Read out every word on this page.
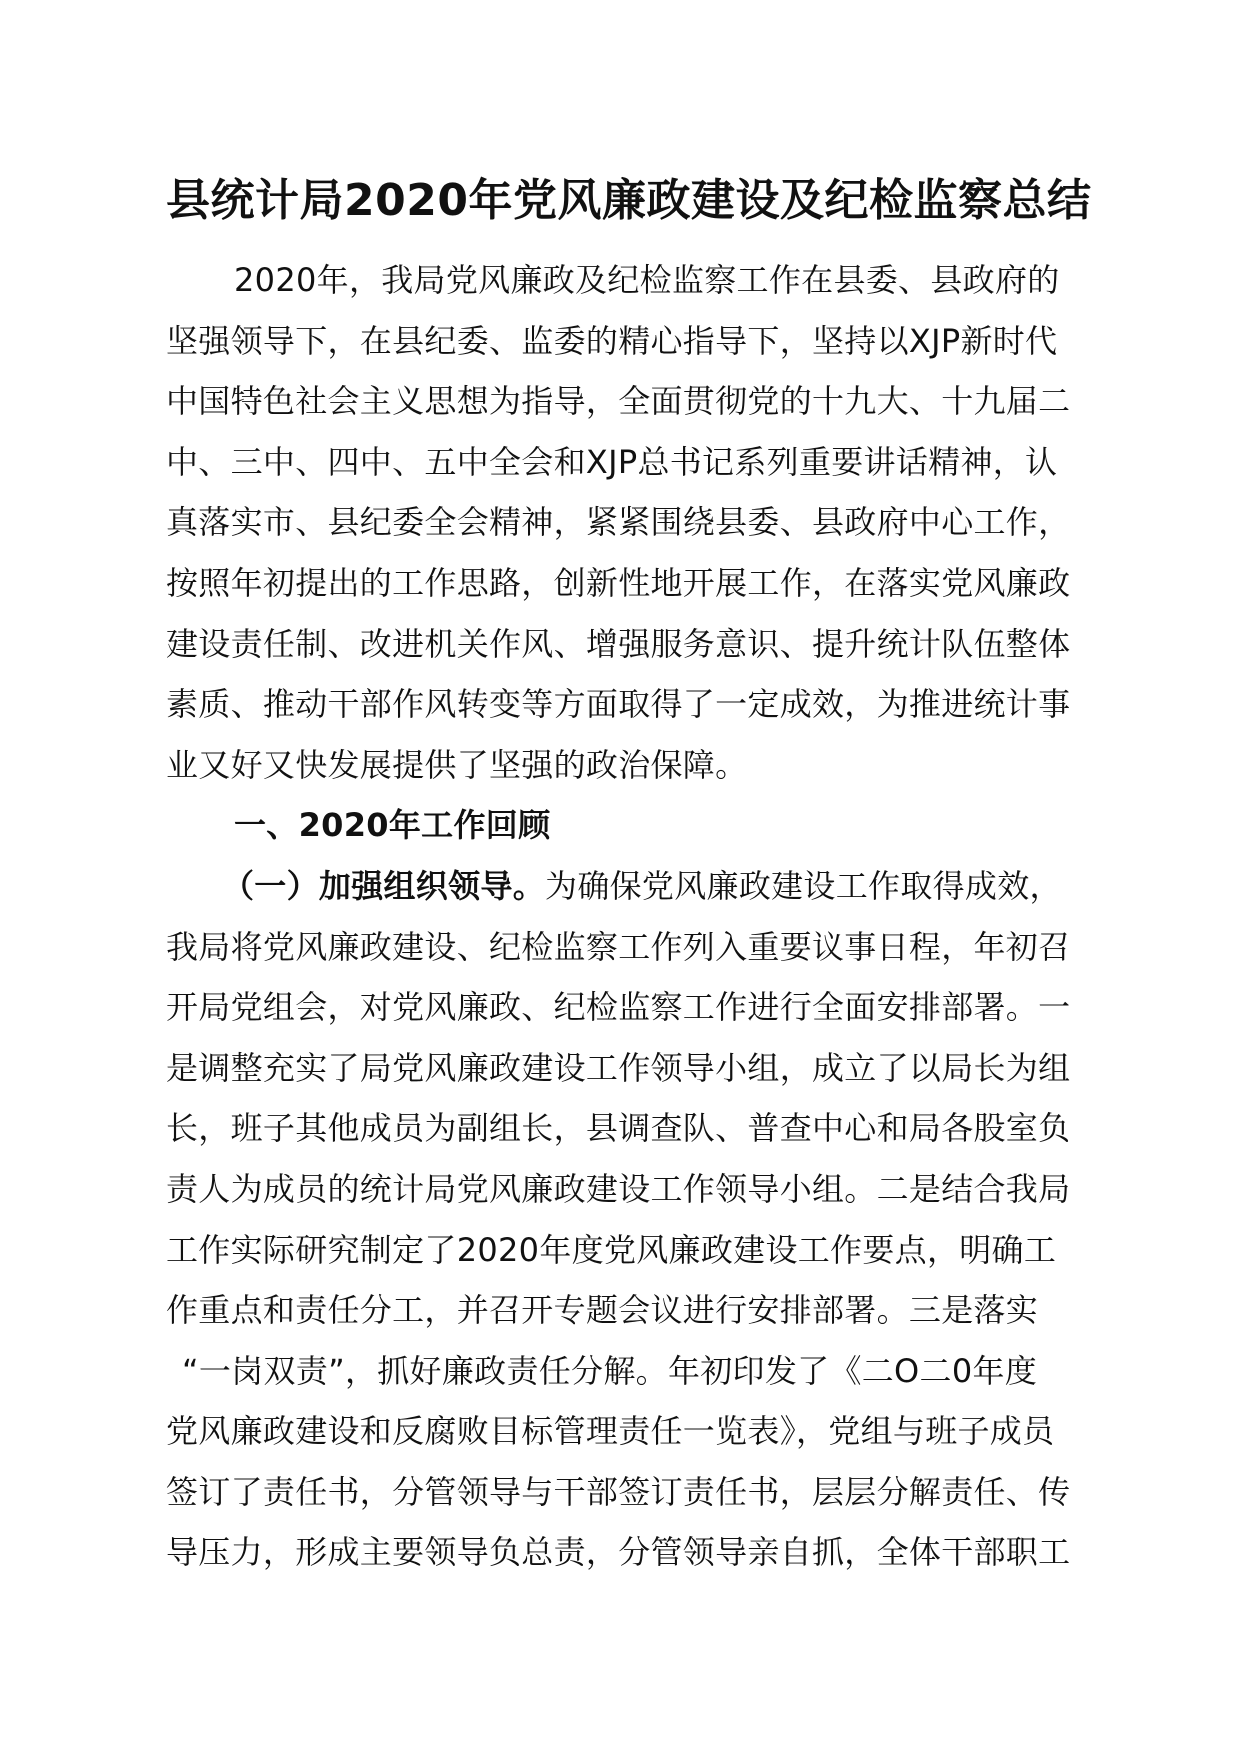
县统计局2020年党风廉政建设及纪检监察总结
2020年，我局党风廉政及纪检监察工作在县委、县政府的
坚强领导下，在县纪委、监委的精心指导下，坚持以XJP新时代
中国特色社会主义思想为指导，全面贯彻党的十九大、十九届二
中、三中、四中、五中全会和XJP总书记系列重要讲话精神，认
真落实市、县纪委全会精神，紧紧围绕县委、县政府中心工作，
按照年初提出的工作思路，创新性地开展工作，在落实党风廉政
建设责任制、改进机关作风、增强服务意识、提升统计队伍整体
素质、推动干部作风转变等方面取得了一定成效，为推进统计事
业又好又快发展提供了坚强的政治保障。
一、2020年工作回顾
（一）加强组织领导。为确保党风廉政建设工作取得成效，
我局将党风廉政建设、纪检监察工作列入重要议事日程，年初召
开局党组会，对党风廉政、纪检监察工作进行全面安排部署。一
是调整充实了局党风廉政建设工作领导小组，成立了以局长为组
长，班子其他成员为副组长，县调查队、普查中心和局各股室负
责人为成员的统计局党风廉政建设工作领导小组。二是结合我局
工作实际研究制定了2020年度党风廉政建设工作要点，明确工
作重点和责任分工，并召开专题会议进行安排部署。三是落实
“一岗双责”，抓好廉政责任分解。年初印发了《二O二0年度
党风廉政建设和反腐败目标管理责任一览表》，党组与班子成员
签订了责任书，分管领导与干部签订责任书，层层分解责任、传
导压力，形成主要领导负总责，分管领导亲自抓，全体干部职工
